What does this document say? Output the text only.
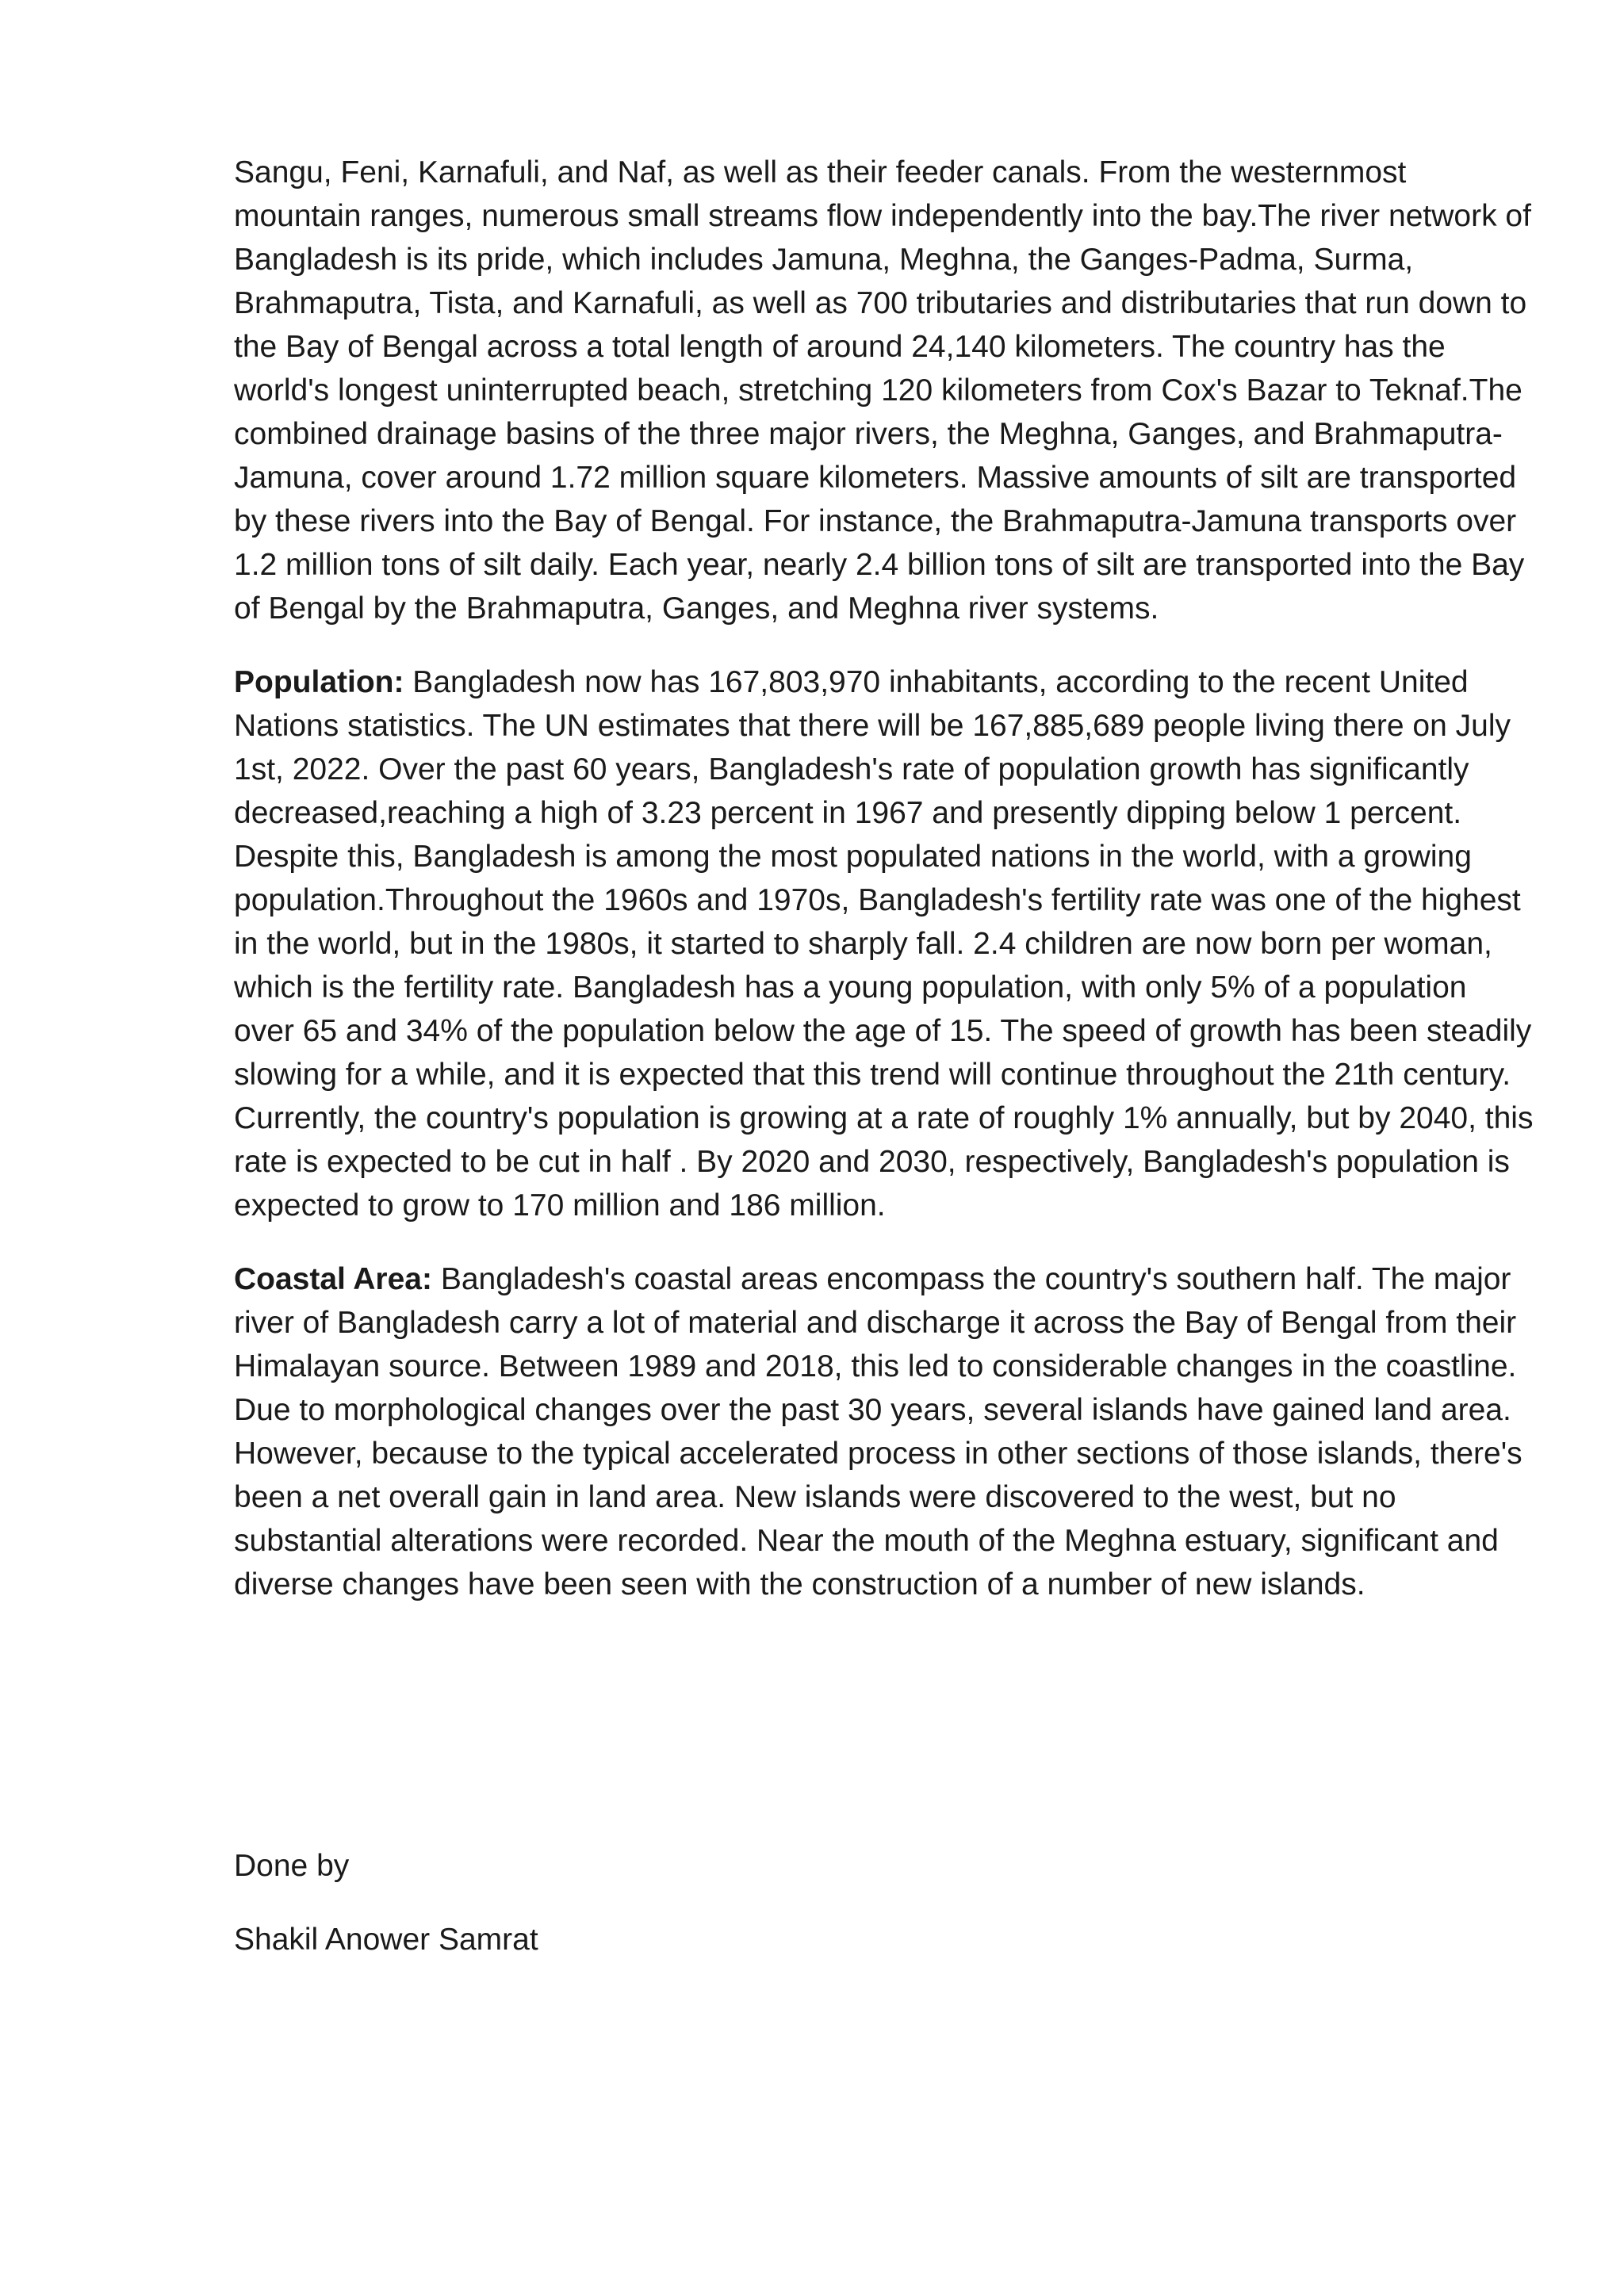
Sangu, Feni, Karnafuli, and Naf, as well as their feeder canals. From the westernmost mountain ranges, numerous small streams flow independently into the bay.The river network of Bangladesh is its pride, which includes Jamuna, Meghna, the Ganges-Padma, Surma, Brahmaputra, Tista, and Karnafuli, as well as 700 tributaries and distributaries that run down to the Bay of Bengal across a total length of around 24,140 kilometers. The country has the world's longest uninterrupted beach, stretching 120 kilometers from Cox's Bazar to Teknaf.The combined drainage basins of the three major rivers, the Meghna, Ganges, and Brahmaputra-Jamuna, cover around 1.72 million square kilometers. Massive amounts of silt are transported by these rivers into the Bay of Bengal. For instance, the Brahmaputra-Jamuna transports over 1.2 million tons of silt daily. Each year, nearly 2.4 billion tons of silt are transported into the Bay of Bengal by the Brahmaputra, Ganges, and Meghna river systems.

Population: Bangladesh now has 167,803,970 inhabitants, according to the recent United Nations statistics. The UN estimates that there will be 167,885,689 people living there on July 1st, 2022. Over the past 60 years, Bangladesh's rate of population growth has significantly decreased,reaching a high of 3.23 percent in 1967 and presently dipping below 1 percent. Despite this, Bangladesh is among the most populated nations in the world, with a growing population.Throughout the 1960s and 1970s, Bangladesh's fertility rate was one of the highest in the world, but in the 1980s, it started to sharply fall. 2.4 children are now born per woman, which is the fertility rate. Bangladesh has a young population, with only 5% of a population over 65 and 34% of the population below the age of 15. The speed of growth has been steadily slowing for a while, and it is expected that this trend will continue throughout the 21th century. Currently, the country's population is growing at a rate of roughly 1% annually, but by 2040, this rate is expected to be cut in half . By 2020 and 2030, respectively, Bangladesh's population is expected to grow to 170 million and 186 million.

Coastal Area: Bangladesh's coastal areas encompass the country's southern half. The major river of Bangladesh carry a lot of material and discharge it across the Bay of Bengal from their Himalayan source. Between 1989 and 2018, this led to considerable changes in the coastline. Due to morphological changes over the past 30 years, several islands have gained land area. However, because to the typical accelerated process in other sections of those islands, there's been a net overall gain in land area. New islands were discovered to the west, but no substantial alterations were recorded. Near the mouth of the Meghna estuary, significant and diverse changes have been seen with the construction of a number of new islands.

Done by

Shakil Anower Samrat
